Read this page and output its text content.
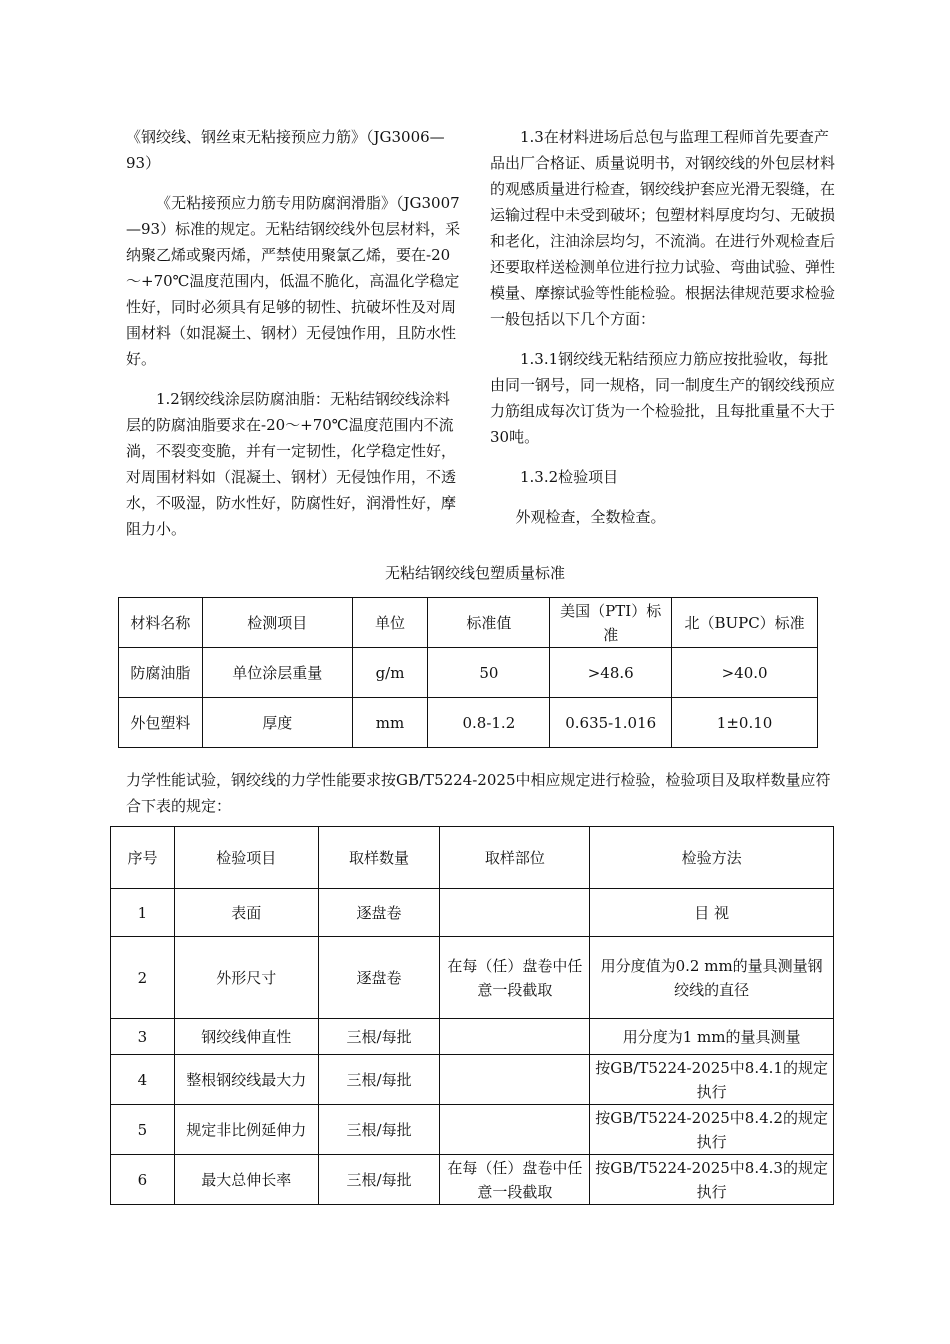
《钢绞线、钢丝束无粘接预应力筋》（JG3006—93）

《无粘接预应力筋专用防腐润滑脂》（JG3007—93）标准的规定。无粘结钢绞线外包层材料，采纳聚乙烯或聚丙烯，严禁使用聚氯乙烯，要在-20～+70℃温度范围内，低温不脆化，高温化学稳定性好，同时必须具有足够的韧性、抗破坏性及对周围材料（如混凝土、钢材）无侵蚀作用，且防水性好。

1.2钢绞线涂层防腐油脂：无粘结钢绞线涂料层的防腐油脂要求在-20～+70℃温度范围内不流淌，不裂变变脆，并有一定韧性，化学稳定性好，对周围材料如（混凝土、钢材）无侵蚀作用，不透水，不吸湿，防水性好，防腐性好，润滑性好，摩阻力小。

1.3在材料进场后总包与监理工程师首先要查产品出厂合格证、质量说明书，对钢绞线的外包层材料的观感质量进行检查，钢绞线护套应光滑无裂缝，在运输过程中未受到破坏；包塑材料厚度均匀、无破损和老化，注油涂层均匀，不流淌。在进行外观检查后还要取样送检测单位进行拉力试验、弯曲试验、弹性模量、摩擦试验等性能检验。根据法律规范要求检验一般包括以下几个方面：

1.3.1钢绞线无粘结预应力筋应按批验收，每批由同一钢号，同一规格，同一制度生产的钢绞线预应力筋组成每次订货为一个检验批，且每批重量不大于30吨。

1.3.2检验项目

外观检查，全数检查。

无粘结钢绞线包塑质量标准
材料名称	检测项目	单位	标准值	美国（PTI）标准	北（BUPC）标准
防腐油脂	单位涂层重量	g/m	50	>48.6	>40.0
外包塑料	厚度	mm	0.8-1.2	0.635-1.016	1±0.10

力学性能试验，钢绞线的力学性能要求按GB/T5224-2025中相应规定进行检验，检验项目及取样数量应符合下表的规定：

序号	检验项目	取样数量	取样部位	检验方法
1	表面	逐盘卷		目 视
2	外形尺寸	逐盘卷	在每（任）盘卷中任意一段截取	用分度值为0.2 mm的量具测量钢绞线的直径
3	钢绞线伸直性	三根/每批		用分度为1 mm的量具测量
4	整根钢绞线最大力	三根/每批		按GB/T5224-2025中8.4.1的规定执行
5	规定非比例延伸力	三根/每批		按GB/T5224-2025中8.4.2的规定执行
6	最大总伸长率	三根/每批	在每（任）盘卷中任意一段截取	按GB/T5224-2025中8.4.3的规定执行
